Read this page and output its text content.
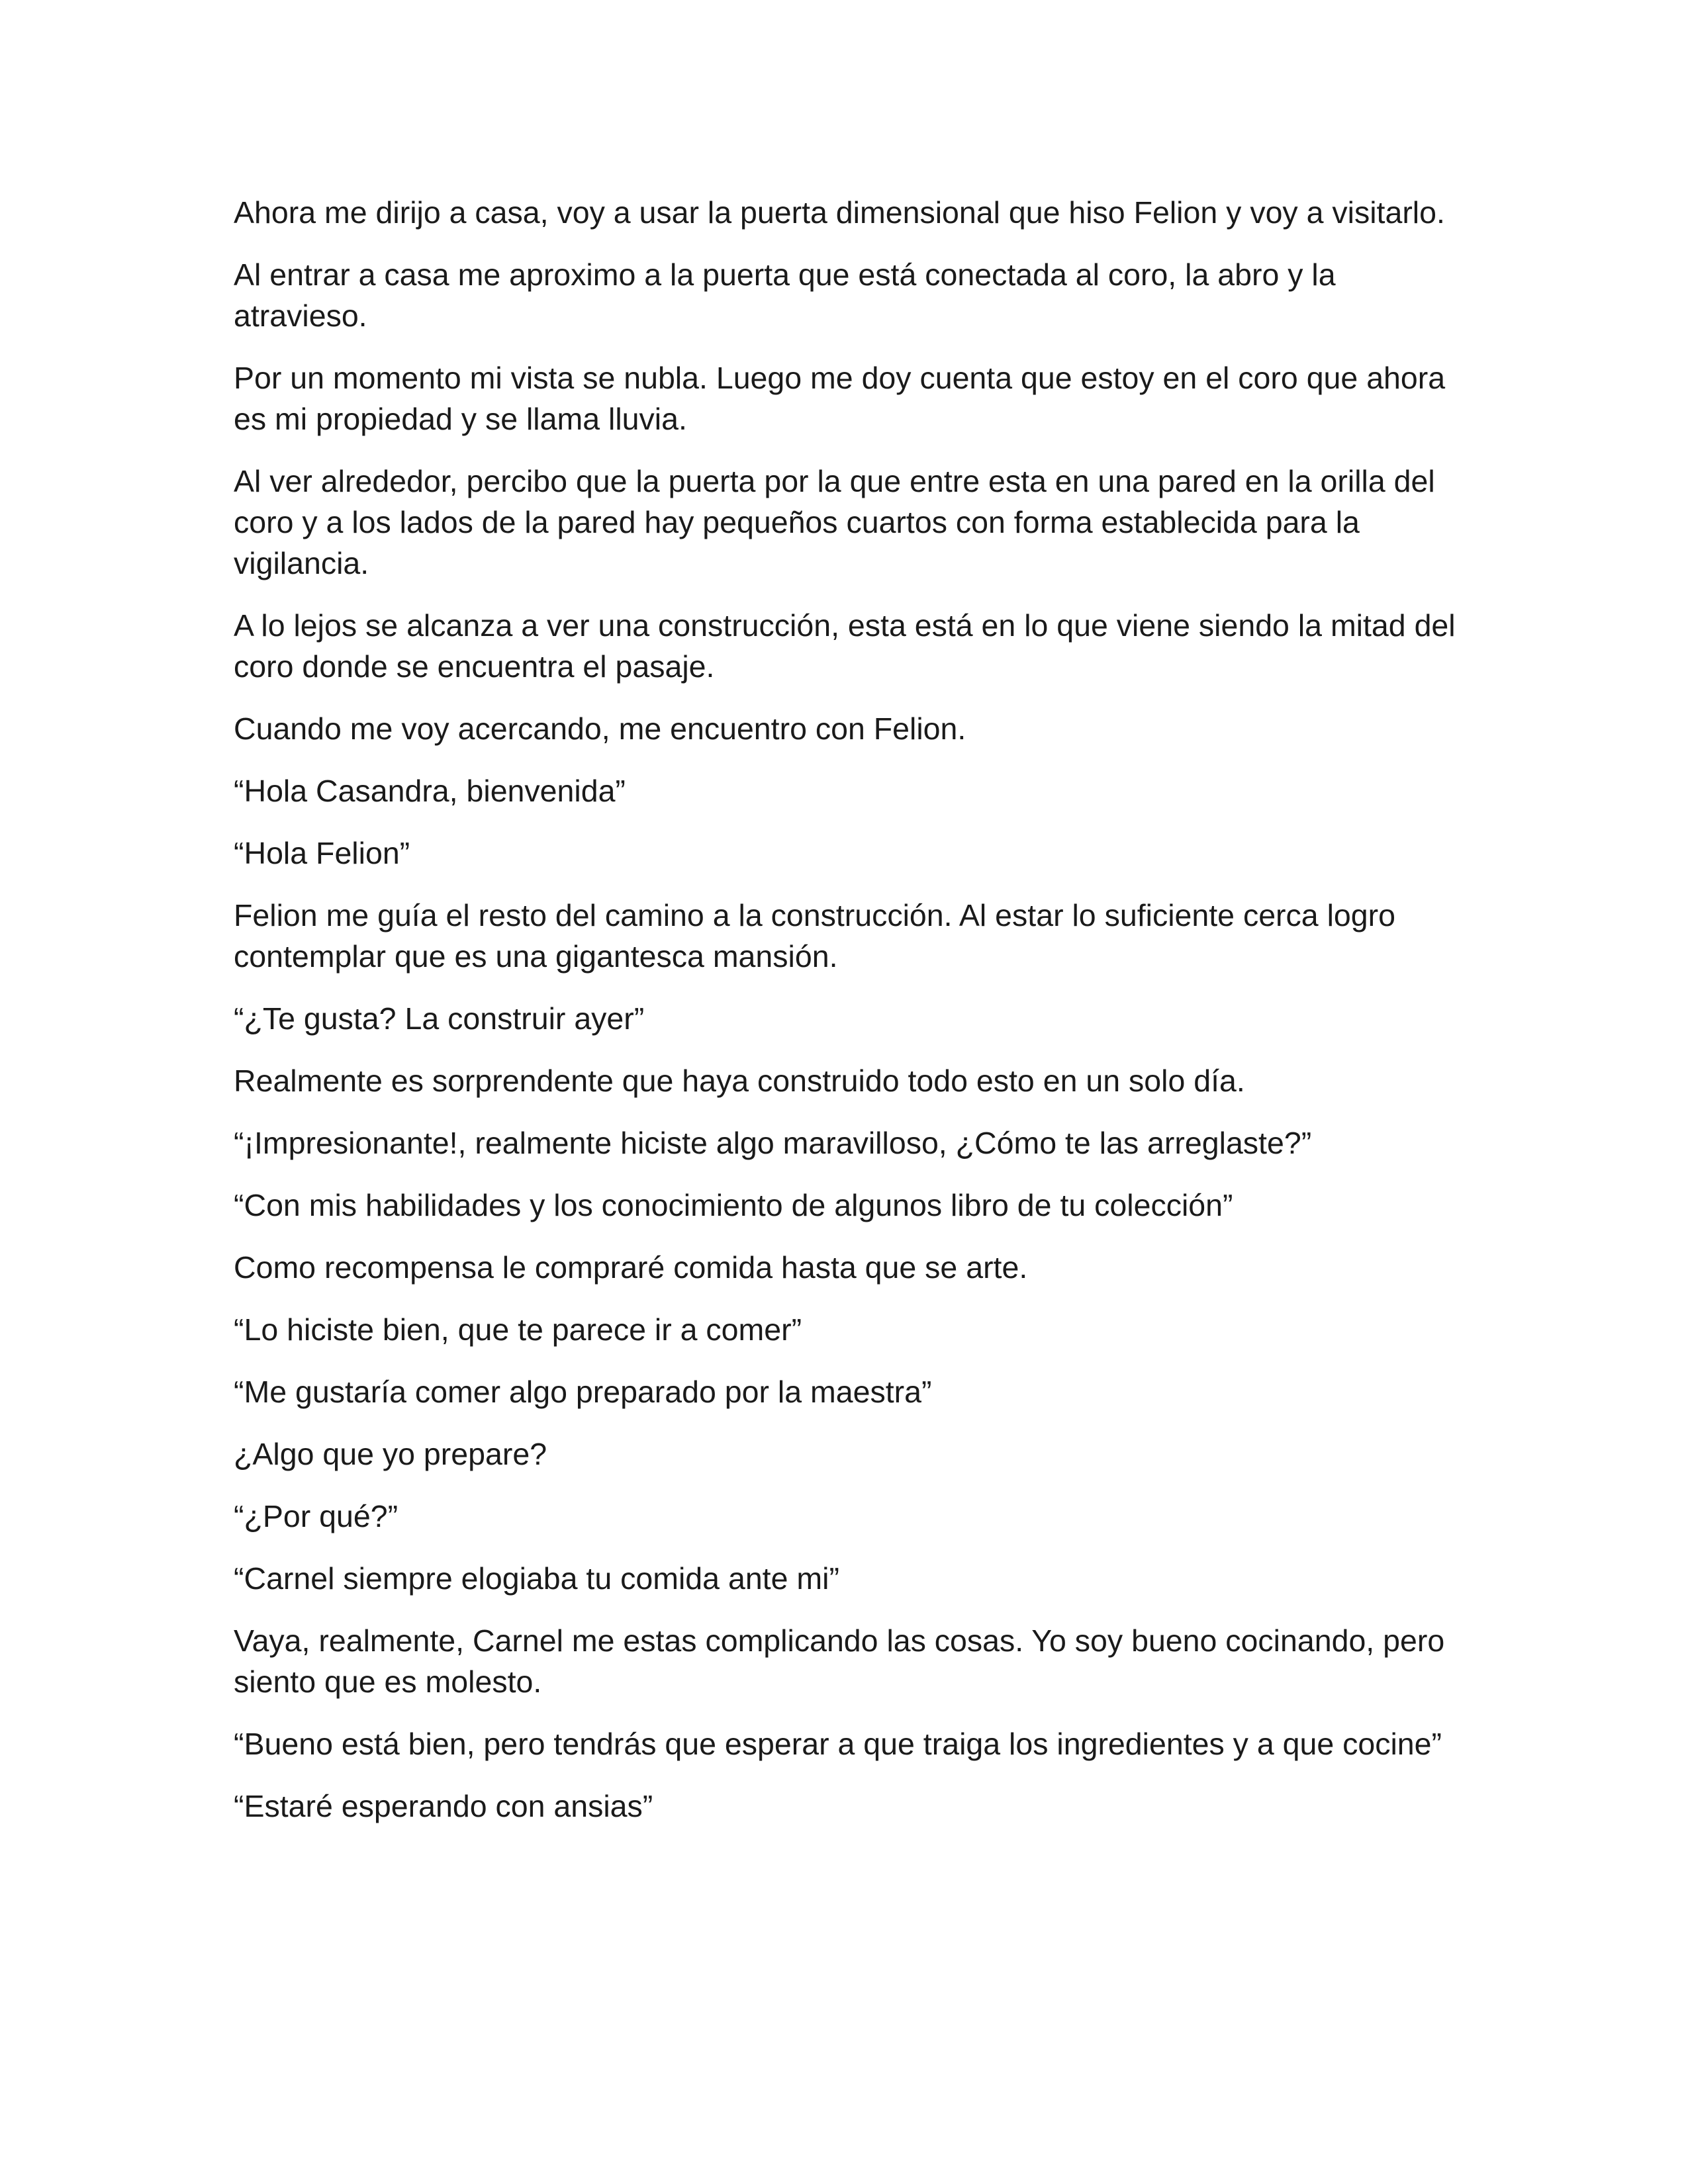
Ahora me dirijo a casa, voy a usar la puerta dimensional que hiso Felion y voy a visitarlo.

Al entrar a casa me aproximo a la puerta que está conectada al coro, la abro y la atravieso.

Por un momento mi vista se nubla. Luego me doy cuenta que estoy en el coro que ahora es mi propiedad y se llama lluvia.

Al ver alrededor, percibo que la puerta por la que entre esta en una pared en la orilla del coro y a los lados de la pared hay pequeños cuartos con forma establecida para la vigilancia.

A lo lejos se alcanza a ver una construcción, esta está en lo que viene siendo la mitad del coro donde se encuentra el pasaje.

Cuando me voy acercando, me encuentro con Felion.

“Hola Casandra, bienvenida”

“Hola Felion”

Felion me guía el resto del camino a la construcción. Al estar lo suficiente cerca logro contemplar que es una gigantesca mansión.

“¿Te gusta? La construir ayer”

Realmente es sorprendente que haya construido todo esto en un solo día.

“¡Impresionante!, realmente hiciste algo maravilloso, ¿Cómo te las arreglaste?”

“Con mis habilidades y los conocimiento de algunos libro de tu colección”

Como recompensa le compraré comida hasta que se arte.

“Lo hiciste bien, que te parece ir a comer”

“Me gustaría comer algo preparado por la maestra”

¿Algo que yo prepare?

“¿Por qué?”

“Carnel siempre elogiaba tu comida ante mi”

Vaya, realmente, Carnel me estas complicando las cosas. Yo soy bueno cocinando, pero siento que es molesto.

“Bueno está bien, pero tendrás que esperar a que traiga los ingredientes y a que cocine”

“Estaré esperando con ansias”
